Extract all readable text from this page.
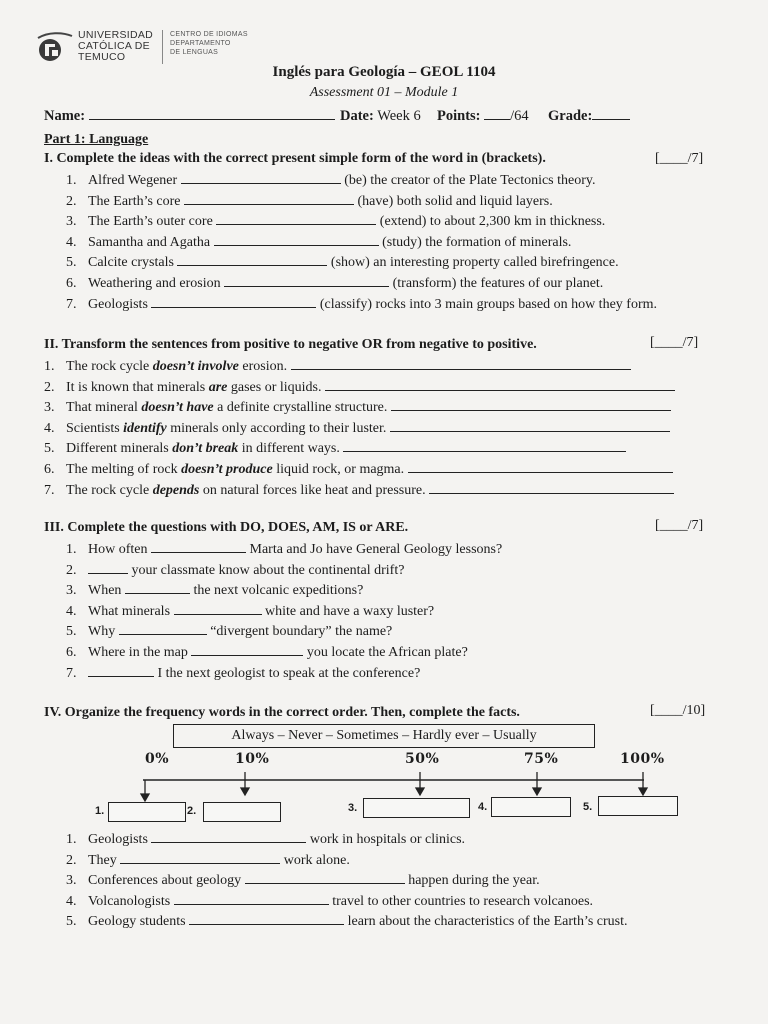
UNIVERSIDAD
CATÓLICA DE
TEMUCO
CENTRO DE IDIOMAS
DEPARTAMENTO
DE LENGUAS
Inglés para Geología – GEOL 1104
Assessment 01 – Module 1
Name:	Date: Week 6 Points: /64 Grade:
Part 1: Language
I. Complete the ideas with the correct present simple form of the word in (brackets).	[____/7]
1. Alfred Wegener	(be) the creator of the Plate Tectonics theory.
2. The Earth’s core	(have) both solid and liquid layers.
3. The Earth’s outer core	(extend) to about 2,300 km in thickness.
4. Samantha and Agatha	(study) the formation of minerals.
5. Calcite crystals	(show) an interesting property called birefringence.
6. Weathering and erosion	(transform) the features of our planet.
7. Geologists	(classify) rocks into 3 main groups based on how they form.
II. Transform the sentences from positive to negative OR from negative to positive.	[____/7]
1. The rock cycle doesn’t involve erosion.
2. It is known that minerals are gases or liquids.
3. That mineral doesn’t have a definite crystalline structure.
4. Scientists identify minerals only according to their luster.
5. Different minerals don’t break in different ways.
6. The melting of rock doesn’t produce liquid rock, or magma.
7. The rock cycle depends on natural forces like heat and pressure.
III. Complete the questions with DO, DOES, AM, IS or ARE.	[____/7]
1. How often	Marta and Jo have General Geology lessons?
2.	your classmate know about the continental drift?
3. When	the next volcanic expeditions?
4. What minerals	white and have a waxy luster?
5. Why	“divergent boundary” the name?
6. Where in the map	you locate the African plate?
7.	I the next geologist to speak at the conference?
IV. Organize the frequency words in the correct order. Then, complete the facts.	[____/10]
Always – Never – Sometimes – Hardly ever – Usually
0%	10%	50%	75%	100%
1.	2.	3.	4.	5.
1. Geologists	work in hospitals or clinics.
2. They	work alone.
3. Conferences about geology	happen during the year.
4. Volcanologists	travel to other countries to research volcanoes.
5. Geology students	learn about the characteristics of the Earth’s crust.
